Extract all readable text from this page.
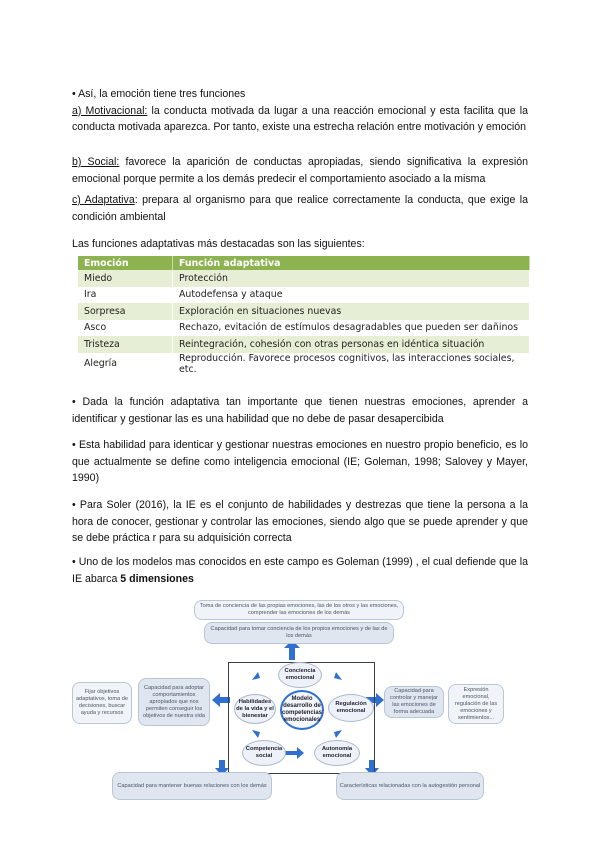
• Así, la emoción tiene tres funciones
a) Motivacional: la conducta motivada da lugar a una reacción emocional y esta facilita que la conducta motivada aparezca. Por tanto, existe una estrecha relación entre motivación y emoción
b) Social: favorece la aparición de conductas apropiadas, siendo significativa la expresión emocional porque permite a los demás predecir el comportamiento asociado a la misma
c) Adaptativa: prepara al organismo para que realice correctamente la conducta, que exige la condición ambiental
Las funciones adaptativas más destacadas son las siguientes:
Emoción	Función adaptativa
Miedo	Protección
Ira	Autodefensa y ataque
Sorpresa	Exploración en situaciones nuevas
Asco	Rechazo, evitación de estímulos desagradables que pueden ser dañinos
Tristeza	Reintegración, cohesión con otras personas en idéntica situación
Alegría	Reproducción. Favorece procesos cognitivos, las interacciones sociales, etc.
• Dada la función adaptativa tan importante que tienen nuestras emociones, aprender a identificar y gestionar las es una habilidad que no debe de pasar desapercibida
• Esta habilidad para identicar y gestionar nuestras emociones en nuestro propio beneficio, es lo que actualmente se define como inteligencia emocional (IE; Goleman, 1998; Salovey y Mayer, 1990)
• Para Soler (2016), la IE es el conjunto de habilidades y destrezas que tiene la persona a la hora de conocer, gestionar y controlar las emociones, siendo algo que se puede aprender y que se debe práctica r para su adquisición correcta
• Uno de los modelos mas conocidos en este campo es Goleman (1999) , el cual defiende que la IE abarca 5 dimensiones
Toma de conciencia de las propias emociones, las de los otros y las emociones, comprender las emociones de los demás
Capacidad para tomar conciencia de los propios emociones y de las de los demás
Conciencia emocional
Habilidades de la vida y el bienestar
Modelo desarrollo de competencias emocionales
Regulación emocional
Competencia social
Autonomía emocional
Capacidad para adoptar comportamientos apropiados que nos permiten conseguir los objetivos de nuestra vida
Fijar objetivos adaptativos, toma de decisiones, buscar ayuda y recursos
Capacidad para controlar y manejar las emociones de forma adecuada
Expresión emocional, regulación de las emociones y sentimientos...
Capacidad para mantener buenas relaciones con los demás	Características relacionadas con la autogestión personal
